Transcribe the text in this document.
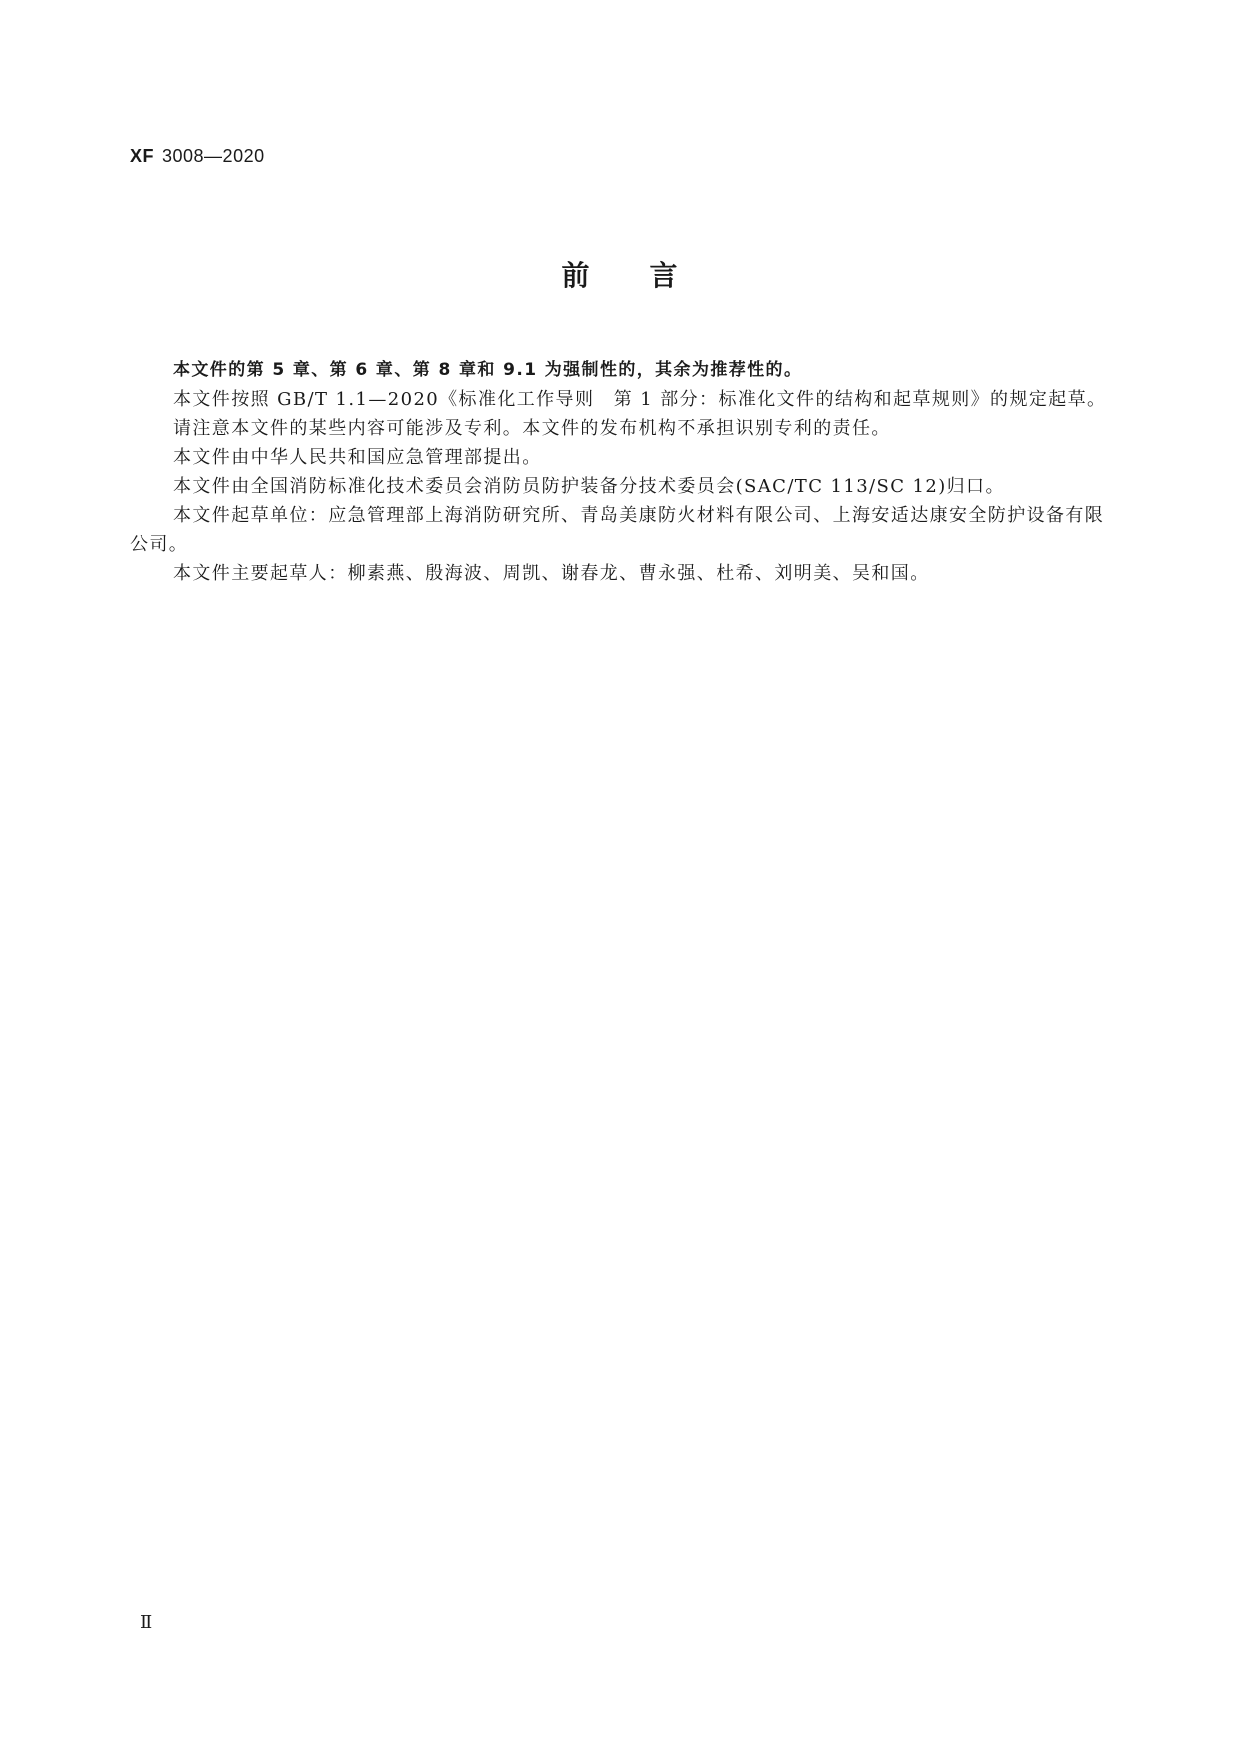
XF 3008—2020
前言

本文件的第 5 章、第 6 章、第 8 章和 9.1 为强制性的，其余为推荐性的。

本文件按照 GB/T 1.1—2020《标准化工作导则　第 1 部分：标准化文件的结构和起草规则》的规定起草。

请注意本文件的某些内容可能涉及专利。本文件的发布机构不承担识别专利的责任。

本文件由中华人民共和国应急管理部提出。

本文件由全国消防标准化技术委员会消防员防护装备分技术委员会(SAC/TC 113/SC 12)归口。

本文件起草单位：应急管理部上海消防研究所、青岛美康防火材料有限公司、上海安适达康安全防护设备有限公司。

本文件主要起草人：柳素燕、殷海波、周凯、谢春龙、曹永强、杜希、刘明美、吴和国。

Ⅱ
